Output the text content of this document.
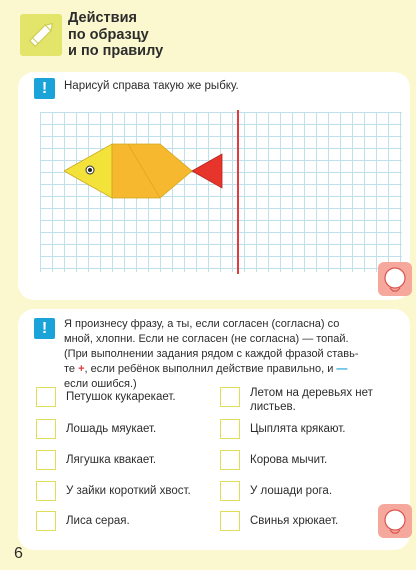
Действия
по образцу
и по правилу
!	Нарисуй справа такую же рыбку.
!	Я произнесу фразу, а ты, если согласен (согласна) со
мной, хлопни. Если не согласен (не согласна) — топай.
(При выполнении задания рядом с каждой фразой ставь-
те +, если ребёнок выполнил действие правильно, и —
если ошибся.)
Петушок кукарекает.
Лошадь мяукает.
Лягушка квакает.
У зайки короткий хвост.
Лиса серая.
Летом на деревьях нет
листьев.
Цыплята крякают.
Корова мычит.
У лошади рога.
Свинья хрюкает.
6
